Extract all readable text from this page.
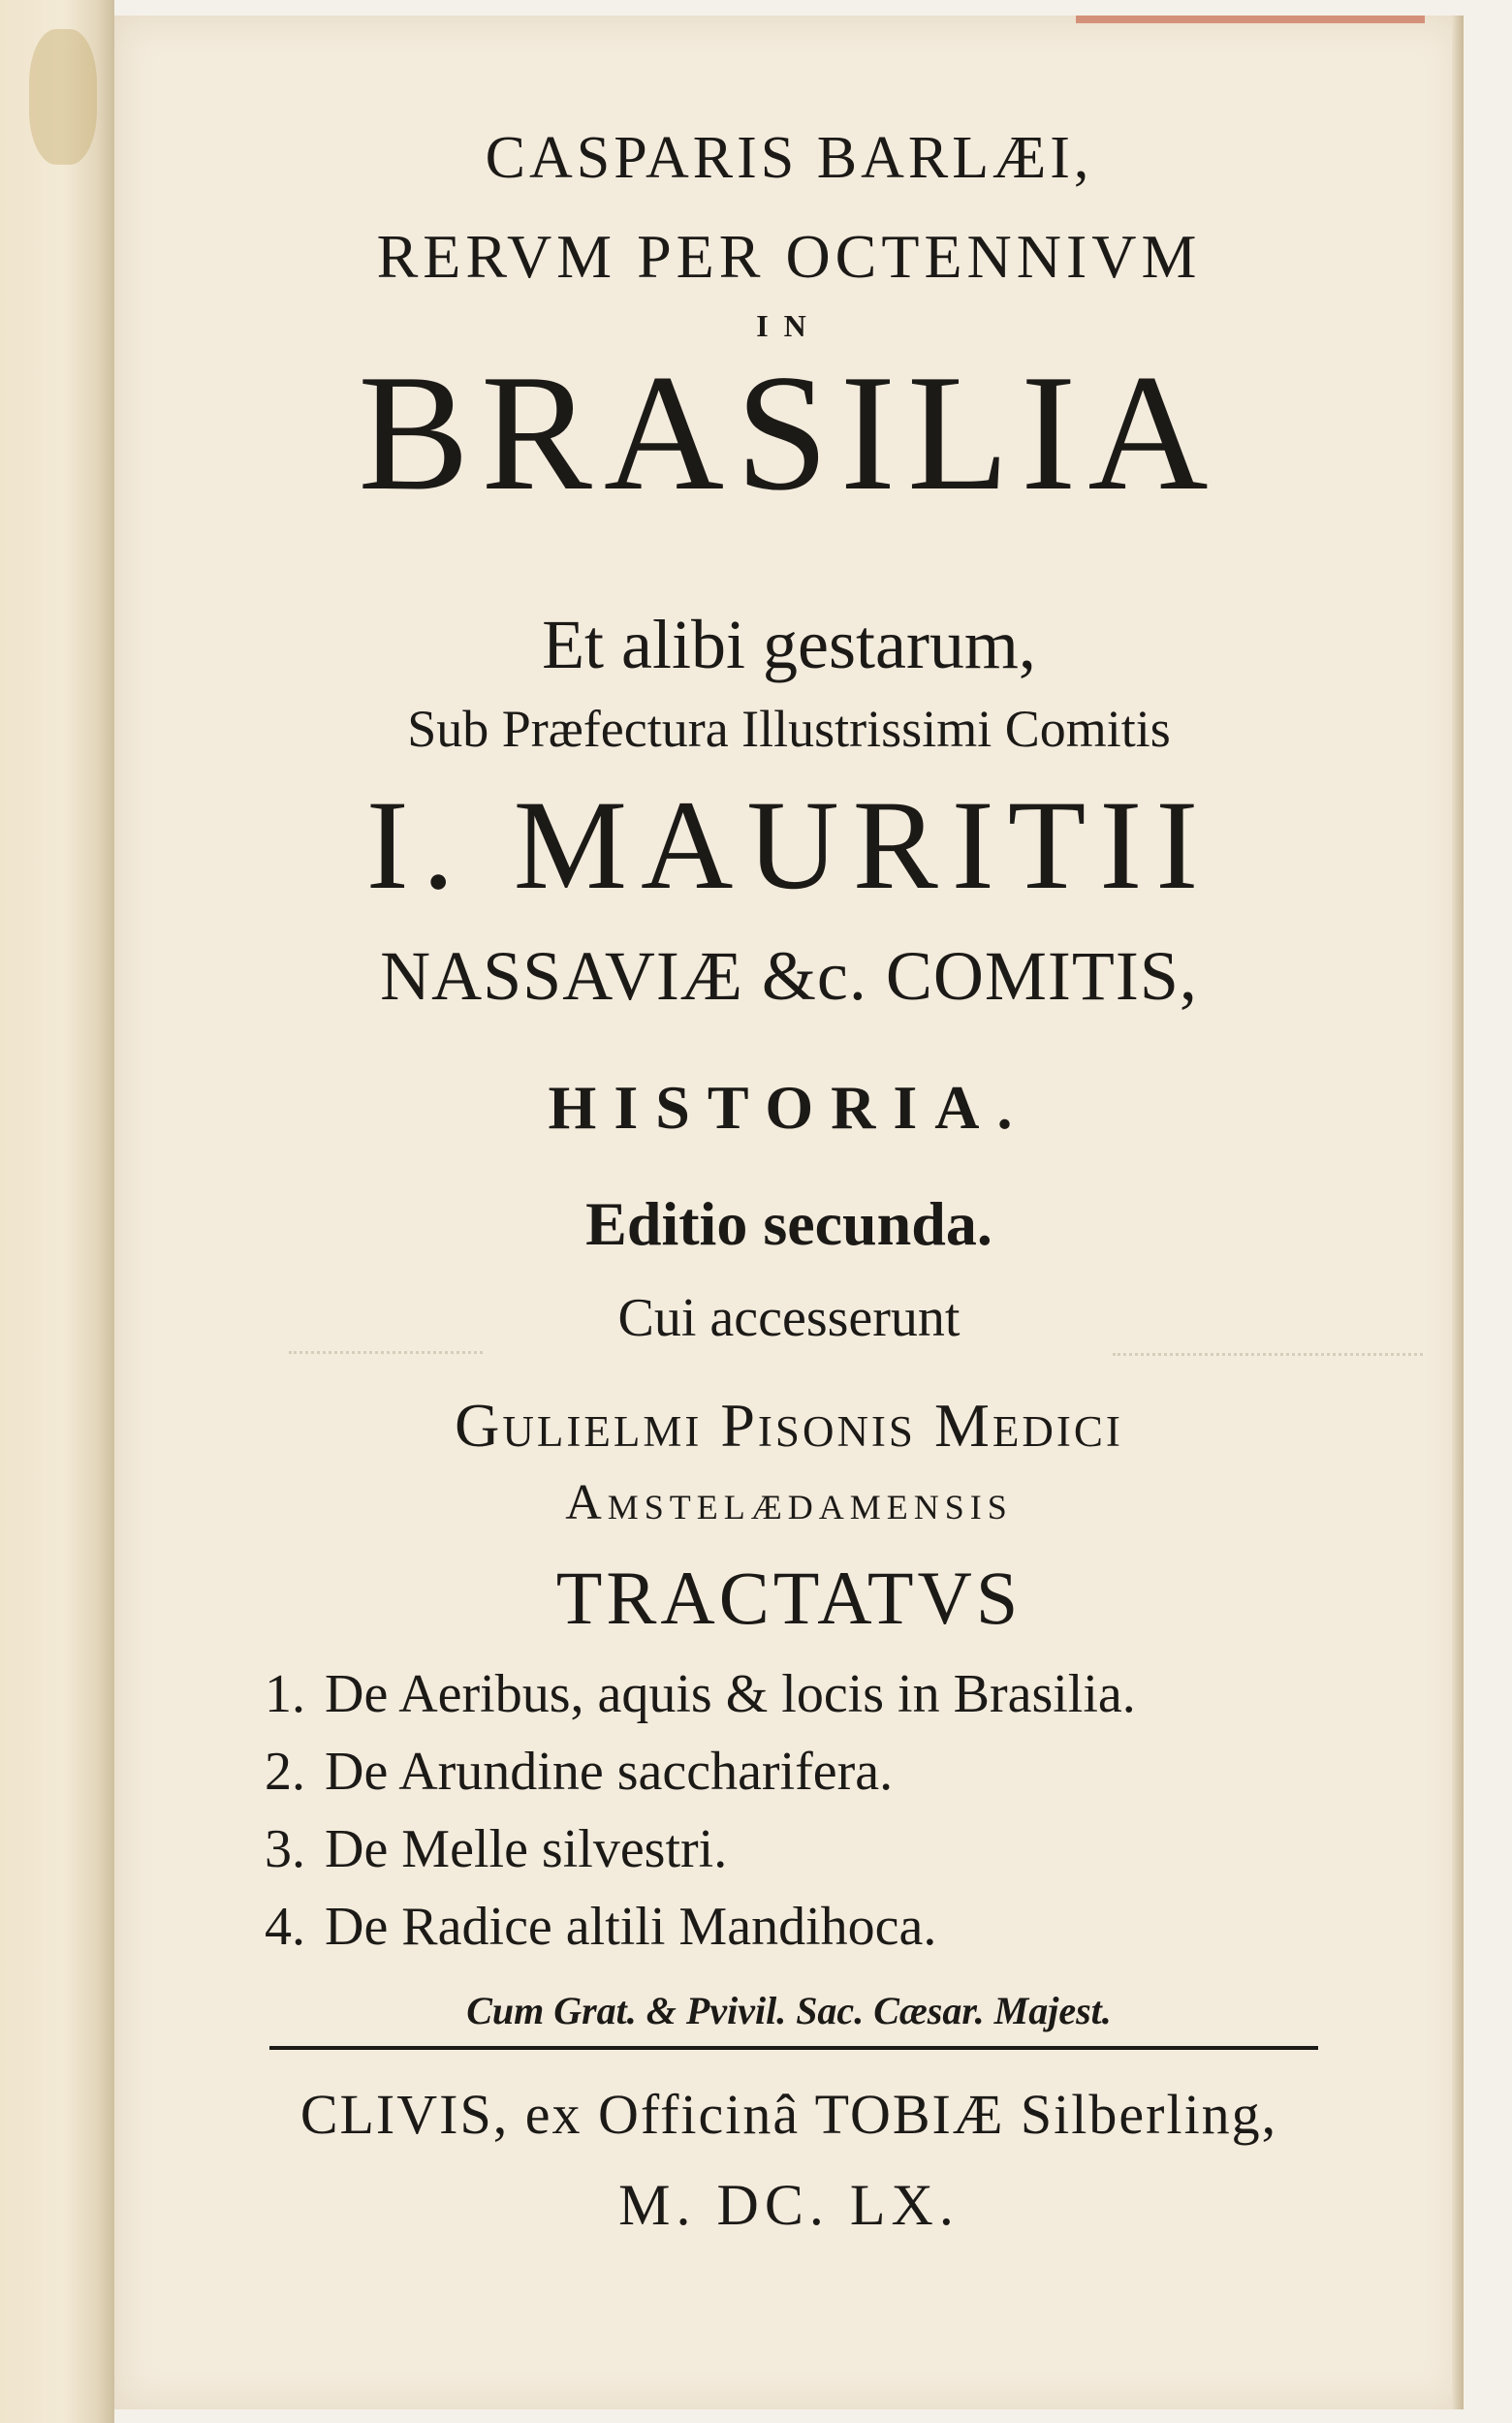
CASPARIS BARLÆI,
RERVM PER OCTENNIVM
IN
BRASILIA
Et alibi gestarum,
Sub Præfectura Illustrissimi Comitis
I. MAURITII
NASSAVIÆ &c. COMITIS,
HISTORIA.
Editio secunda.
Cui accesserunt
Gulielmi Pisonis Medici
Amstelædamensis
TRACTATVS
1. De Aeribus, aquis & locis in Brasilia.
2. De Arundine saccharifera.
3. De Melle silvestri.
4. De Radice altili Mandihoca.
Cum Grat. & Pvivil. Sac. Cæsar. Majest.
CLIVIS, ex Officinâ TOBIÆ Silberling,
M. DC. LX.
